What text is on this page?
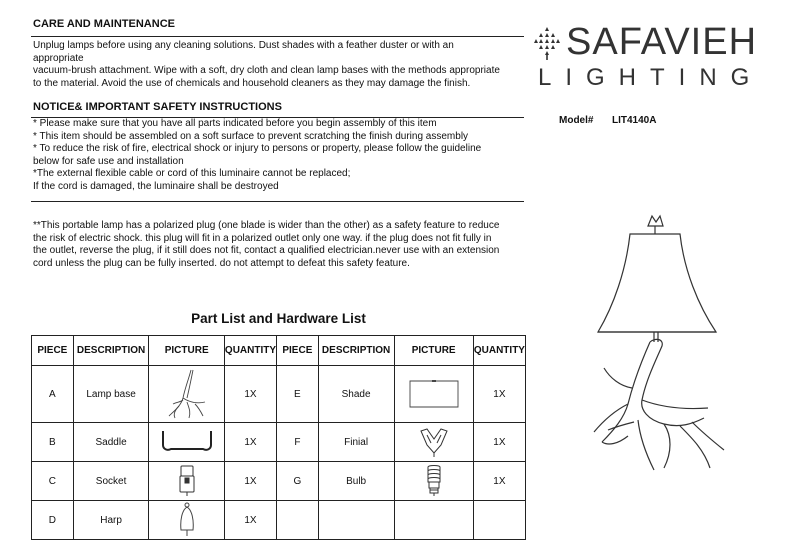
CARE AND MAINTENANCE
Unplug lamps before using any cleaning solutions. Dust shades with a feather duster or with an
appropriate
vacuum-brush attachment. Wipe with a soft, dry cloth and clean lamp bases with the methods appropriate
to the material. Avoid the use of chemicals and household cleaners as they may damage the finish.
NOTICE& IMPORTANT SAFETY INSTRUCTIONS
* Please make sure that you have all parts indicated before you begin assembly of this item
* This item should be assembled on a soft surface to prevent scratching the finish during assembly
* To reduce the risk of fire, electrical shock or injury to persons or property, please follow the guideline
below for safe use and installation
*The external flexible cable or cord of this luminaire cannot be replaced;
If the cord is damaged, the luminaire shall be destroyed
**This portable lamp has a polarized plug (one blade is wider than the other) as a safety feature to reduce
the risk of electric shock. this plug will fit in a polarized outlet only one way. if the plug does not fit fully in
the outlet, reverse the plug, if it still does not fit, contact a qualified electrician.never use with an extension
cord unless the plug can be fully inserted. do not attempt to defeat this safety feature.
SAFAVIEH
LIGHTING
Model# LIT4140A
Part List and Hardware List
PIECE	DESCRIPTION	PICTURE	QUANTITY	PIECE	DESCRIPTION	PICTURE	QUANTITY
A	Lamp base		1X	E	Shade		1X
B	Saddle		1X	F	Finial		1X
C	Socket		1X	G	Bulb		1X
D	Harp		1X				
